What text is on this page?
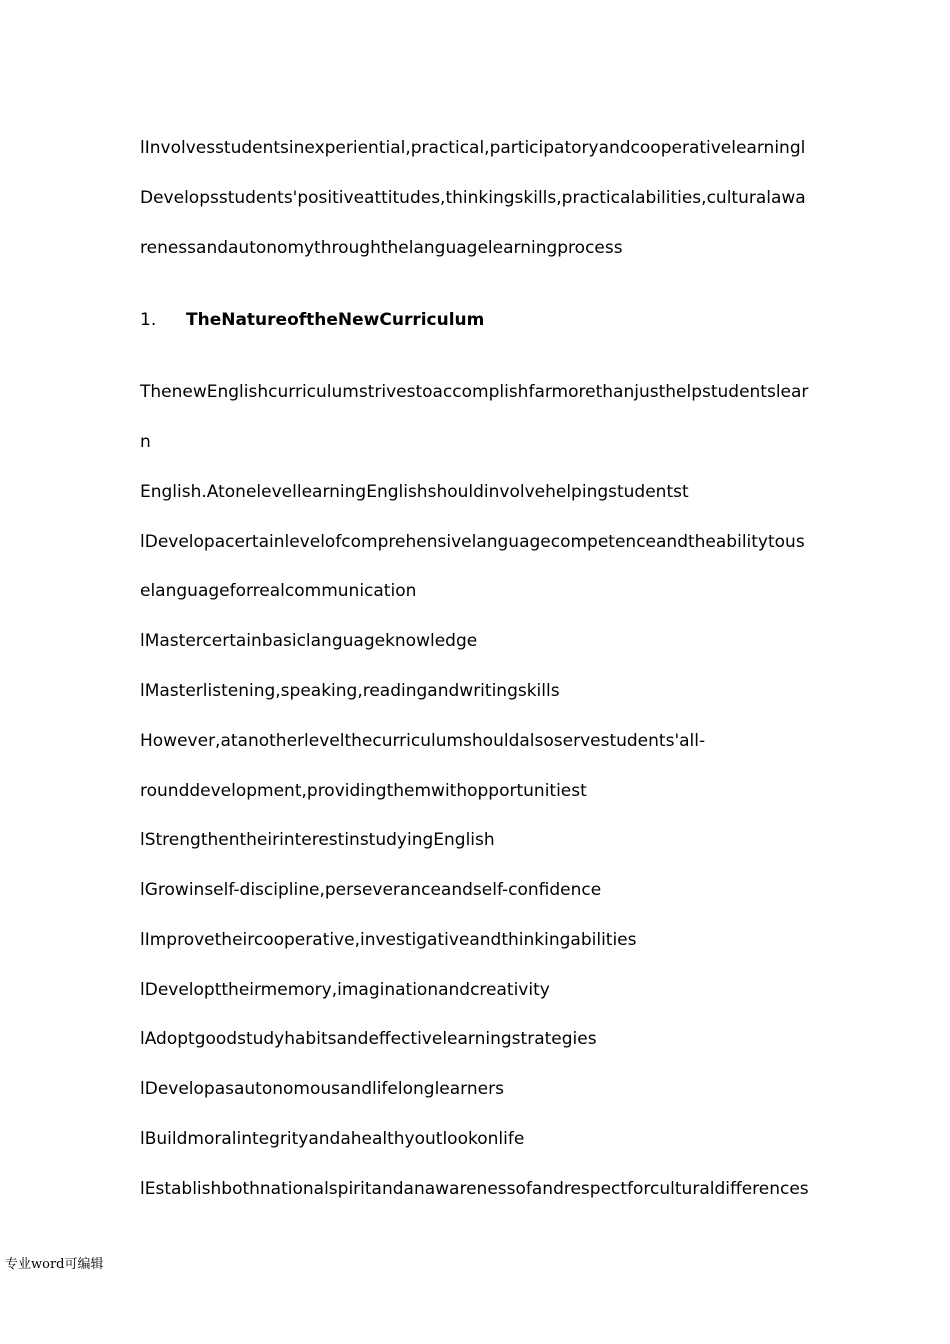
lInvolvesstudentsinexperiential,practical,participatoryandcooperativelearningl
Developsstudents'positiveattitudes,thinkingskills,practicalabilities,culturalawa
renessandautonomythroughthelanguagelearningprocess
1. TheNatureoftheNewCurriculum
ThenewEnglishcurriculumstrivestoaccomplishfarmorethanjusthelpstudentslear
n
English.AtonelevellearningEnglishshouldinvolvehelpingstudentst
lDevelopacertainlevelofcomprehensivelanguagecompetenceandtheabilitytous
elanguageforrealcommunication
lMastercertainbasiclanguageknowledge
lMasterlistening,speaking,readingandwritingskills
However,atanotherlevelthecurriculumshouldalsoservestudents'all-
rounddevelopment,providingthemwithopportunitiest
lStrengthentheirinterestinstudyingEnglish
lGrowinself-discipline,perseveranceandself-confidence
lImprovetheircooperative,investigativeandthinkingabilities
lDevelopttheirmemory,imaginationandcreativity
lAdoptgoodstudyhabitsandeffectivelearningstrategies
lDevelopasautonomousandlifelonglearners
lBuildmoralintegrityandahealthyoutlookonlife
lEstablishbothnationalspiritandanawarenessofandrespectforculturaldifferences
专业word可编辑
